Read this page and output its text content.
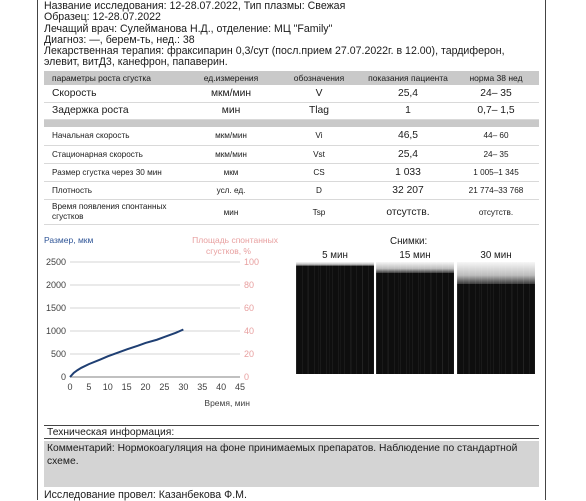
Название исследования: 12-28.07.2022, Тип плазмы: Свежая
Образец: 12-28.07.2022
Лечащий врач: Сулейманова Н.Д., отделение: МЦ "Family"
Диагноз: —, берем-ть, нед.: 38
Лекарственная терапия: фраксипарин 0,3/сут (посл.прием 27.07.2022г. в 12.00), тардиферон, элевит, витД3, канефрон, папаверин.
параметры роста сгустка	ед.измерения	обозначения	показания пациента	норма 38 нед
Скорость	мкм/мин	V	25,4	24– 35
Задержка роста	мин	Tlag	1	0,7– 1,5

Начальная скорость	мкм/мин	Vi	46,5	44– 60
Стационарная скорость	мкм/мин	Vst	25,4	24– 35
Размер сгустка через 30 мин	мкм	CS	1 033	1 005–1 345
Плотность	усл. ед.	D	32 207	21 774–33 768
Время появления спонтанных сгустков	мин	Tsp	отсутств.	отсутств.
0
500
1000
1500
2000
2500
0
20
40
60
80
100
0 5 10 15 20 25 30 35 40 45
Размер, мкм	Площадь спонтанных
сгустков, %
Время, мин
Снимки:
5 мин	15 мин	30 мин
Техническая информация:
Комментарий: Нормокоагуляция на фоне принимаемых препаратов. Наблюдение по стандартной схеме.
Исследование провел: Казанбекова Ф.М.
